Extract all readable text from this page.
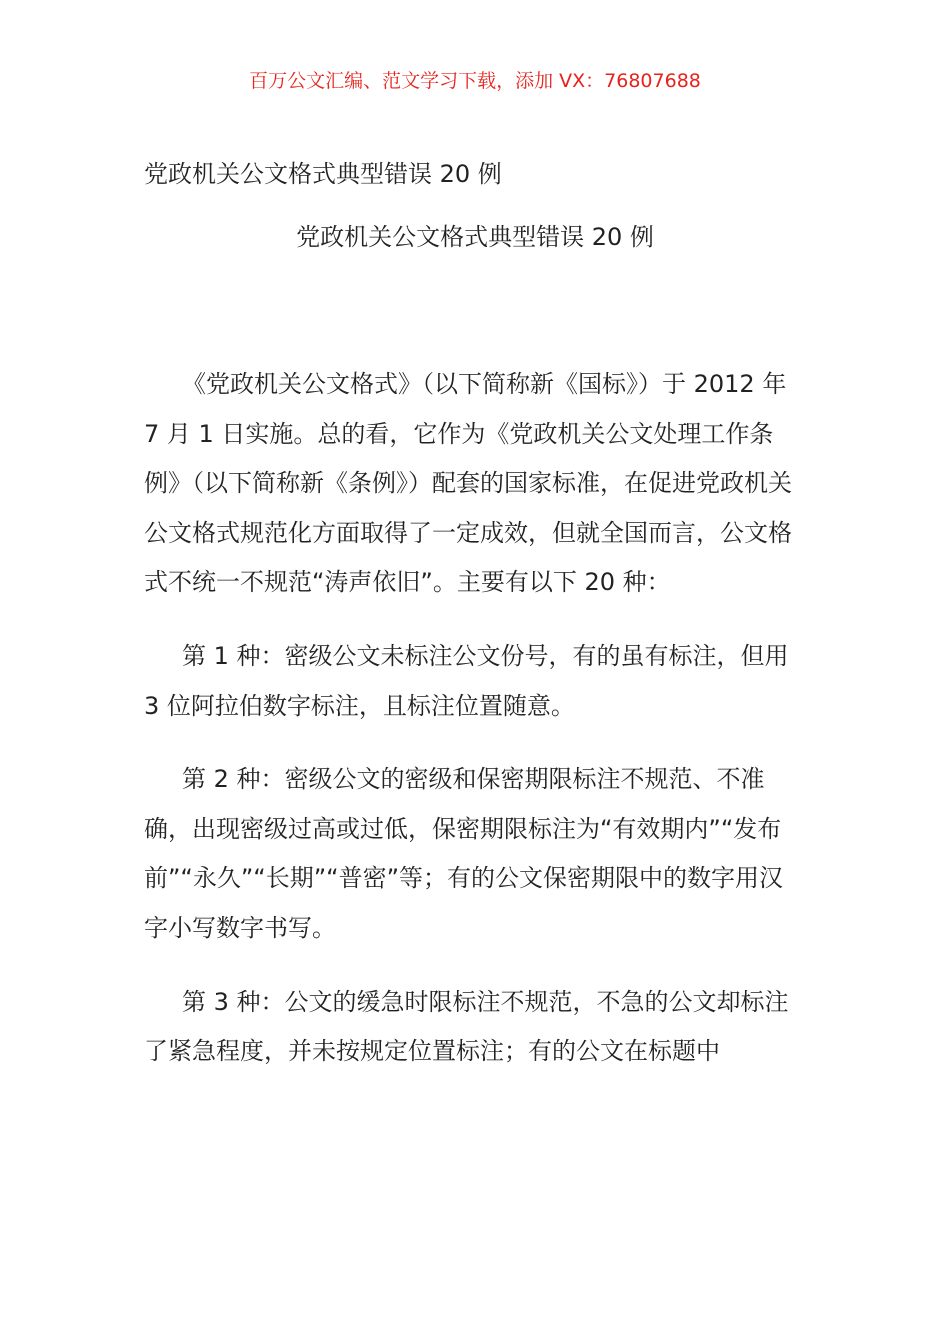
百万公文汇编、范文学习下载，添加 VX：76807688
党政机关公文格式典型错误 20 例
党政机关公文格式典型错误 20 例

《党政机关公文格式》（以下简称新《国标》）于 2012 年 7 月 1 日实施。总的看，它作为《党政机关公文处理工作条例》（以下简称新《条例》）配套的国家标准，在促进党政机关公文格式规范化方面取得了一定成效，但就全国而言，公文格式不统一不规范“涛声依旧”。主要有以下 20 种：

第 1 种：密级公文未标注公文份号，有的虽有标注，但用 3 位阿拉伯数字标注，且标注位置随意。

第 2 种：密级公文的密级和保密期限标注不规范、不准确，出现密级过高或过低，保密期限标注为“有效期内”“发布前”“永久”“长期”“普密”等；有的公文保密期限中的数字用汉字小写数字书写。

第 3 种：公文的缓急时限标注不规范，不急的公文却标注了紧急程度，并未按规定位置标注；有的公文在标题中
